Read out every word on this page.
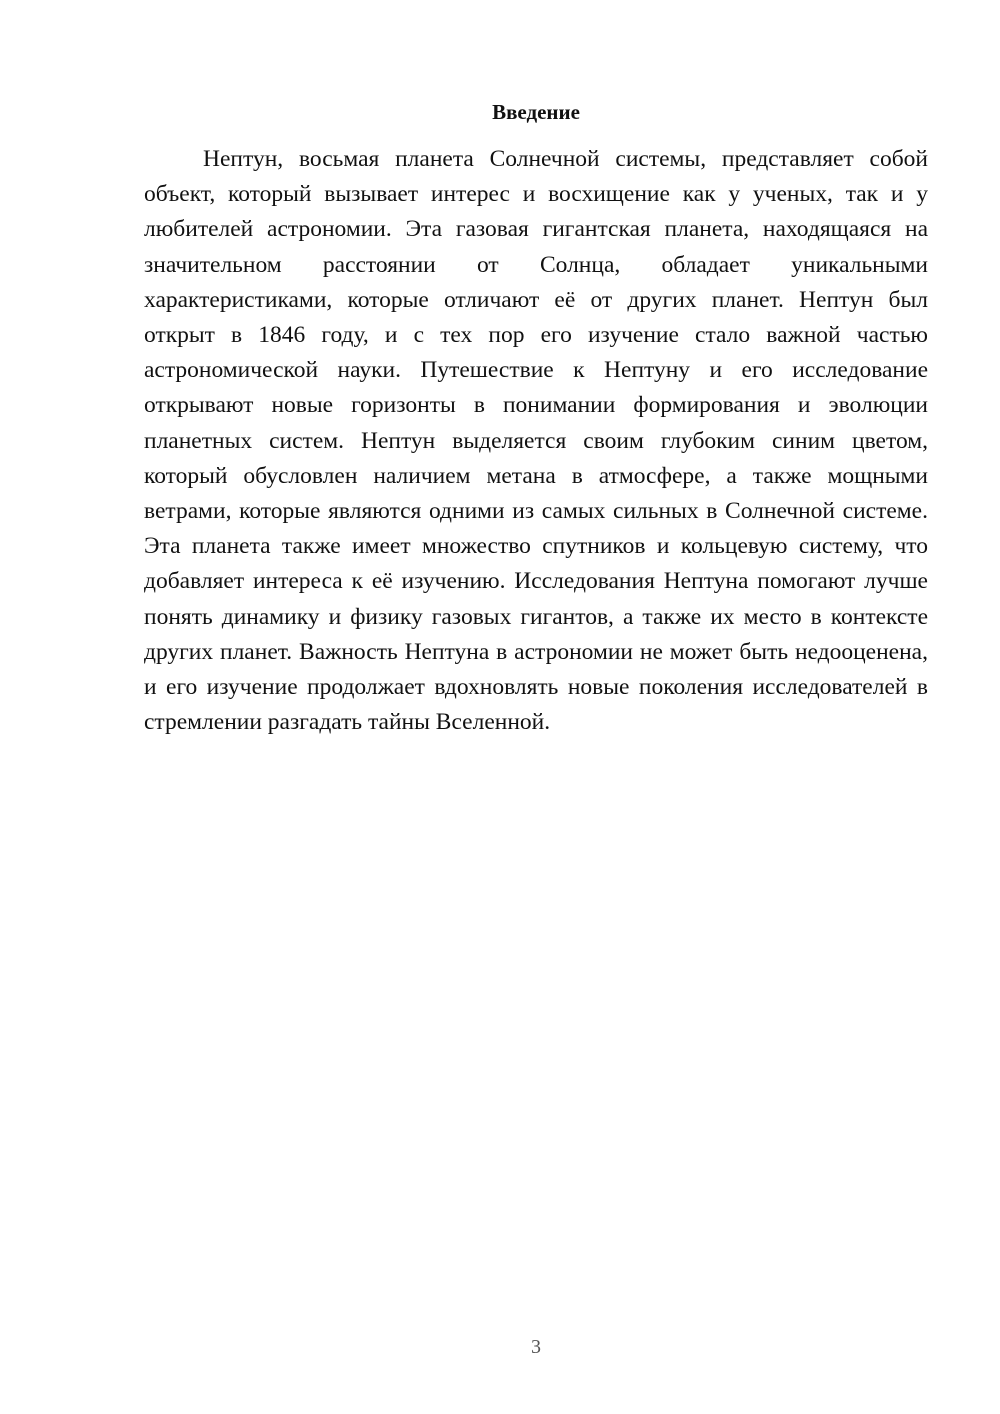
Введение

Нептун, восьмая планета Солнечной системы, представляет собой объект, который вызывает интерес и восхищение как у ученых, так и у любителей астрономии. Эта газовая гигантская планета, находящаяся на значительном расстоянии от Солнца, обладает уникальными характеристиками, которые отличают её от других планет. Нептун был открыт в 1846 году, и с тех пор его изучение стало важной частью астрономической науки. Путешествие к Нептуну и его исследование открывают новые горизонты в понимании формирования и эволюции планетных систем. Нептун выделяется своим глубоким синим цветом, который обусловлен наличием метана в атмосфере, а также мощными ветрами, которые являются одними из самых сильных в Солнечной системе. Эта планета также имеет множество спутников и кольцевую систему, что добавляет интереса к её изучению. Исследования Нептуна помогают лучше понять динамику и физику газовых гигантов, а также их место в контексте других планет. Важность Нептуна в астрономии не может быть недооценена, и его изучение продолжает вдохновлять новые поколения исследователей в стремлении разгадать тайны Вселенной.

3
